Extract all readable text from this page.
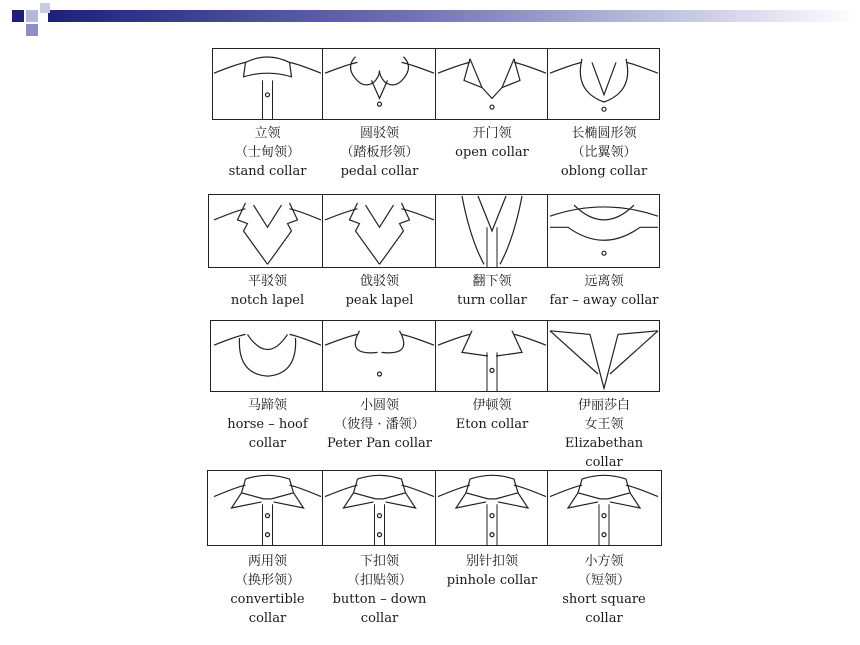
立领
（士甸领）
stand collar
圆驳领
（踏板形领）
pedal collar
开门领
open collar
长椭圆形领
（比翼领）
oblong collar
平驳领
notch lapel
戗驳领
peak lapel
翻下领
turn collar
远离领
far – away collar
马蹄领
horse – hoof
collar
小圆领
（彼得 · 潘领）
Peter Pan collar
伊顿领
Eton collar
伊丽莎白
女王领
Elizabethan
collar
两用领
（换形领）
convertible
collar
下扣领
（扣贴领）
button – down
collar
别针扣领
pinhole collar
小方领
（短领）
short square
collar
